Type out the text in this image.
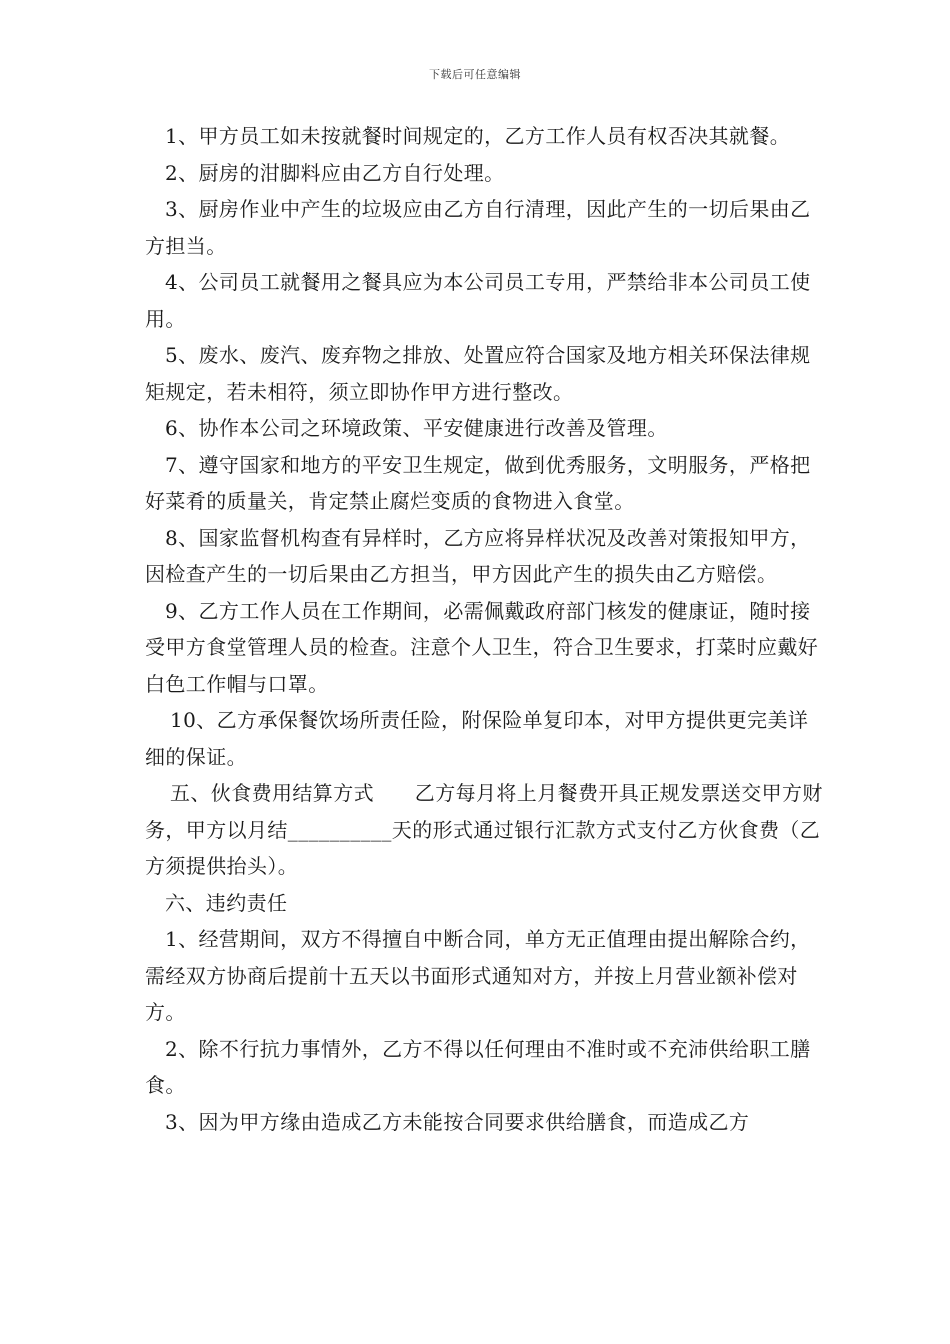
下载后可任意编辑

1、甲方员工如未按就餐时间规定的，乙方工作人员有权否决其就餐。

2、厨房的泔脚料应由乙方自行处理。

3、厨房作业中产生的垃圾应由乙方自行清理，因此产生的一切后果由乙方担当。

4、公司员工就餐用之餐具应为本公司员工专用，严禁给非本公司员工使用。

5、废水、废汽、废弃物之排放、处置应符合国家及地方相关环保法律规矩规定，若未相符，须立即协作甲方进行整改。

6、协作本公司之环境政策、平安健康进行改善及管理。

7、遵守国家和地方的平安卫生规定，做到优秀服务，文明服务，严格把好菜肴的质量关，肯定禁止腐烂变质的食物进入食堂。

8、国家监督机构查有异样时，乙方应将异样状况及改善对策报知甲方，因检查产生的一切后果由乙方担当，甲方因此产生的损失由乙方赔偿。

9、乙方工作人员在工作期间，必需佩戴政府部门核发的健康证，随时接受甲方食堂管理人员的检查。注意个人卫生，符合卫生要求，打菜时应戴好白色工作帽与口罩。

10、乙方承保餐饮场所责任险，附保险单复印本，对甲方提供更完美详细的保证。

五、伙食费用结算方式　　乙方每月将上月餐费开具正规发票送交甲方财务，甲方以月结__________天的形式通过银行汇款方式支付乙方伙食费（乙方须提供抬头）。

六、违约责任

1、经营期间，双方不得擅自中断合同，单方无正值理由提出解除合约，需经双方协商后提前十五天以书面形式通知对方，并按上月营业额补偿对方。

2、除不行抗力事情外，乙方不得以任何理由不准时或不充沛供给职工膳食。

3、因为甲方缘由造成乙方未能按合同要求供给膳食，而造成乙方
